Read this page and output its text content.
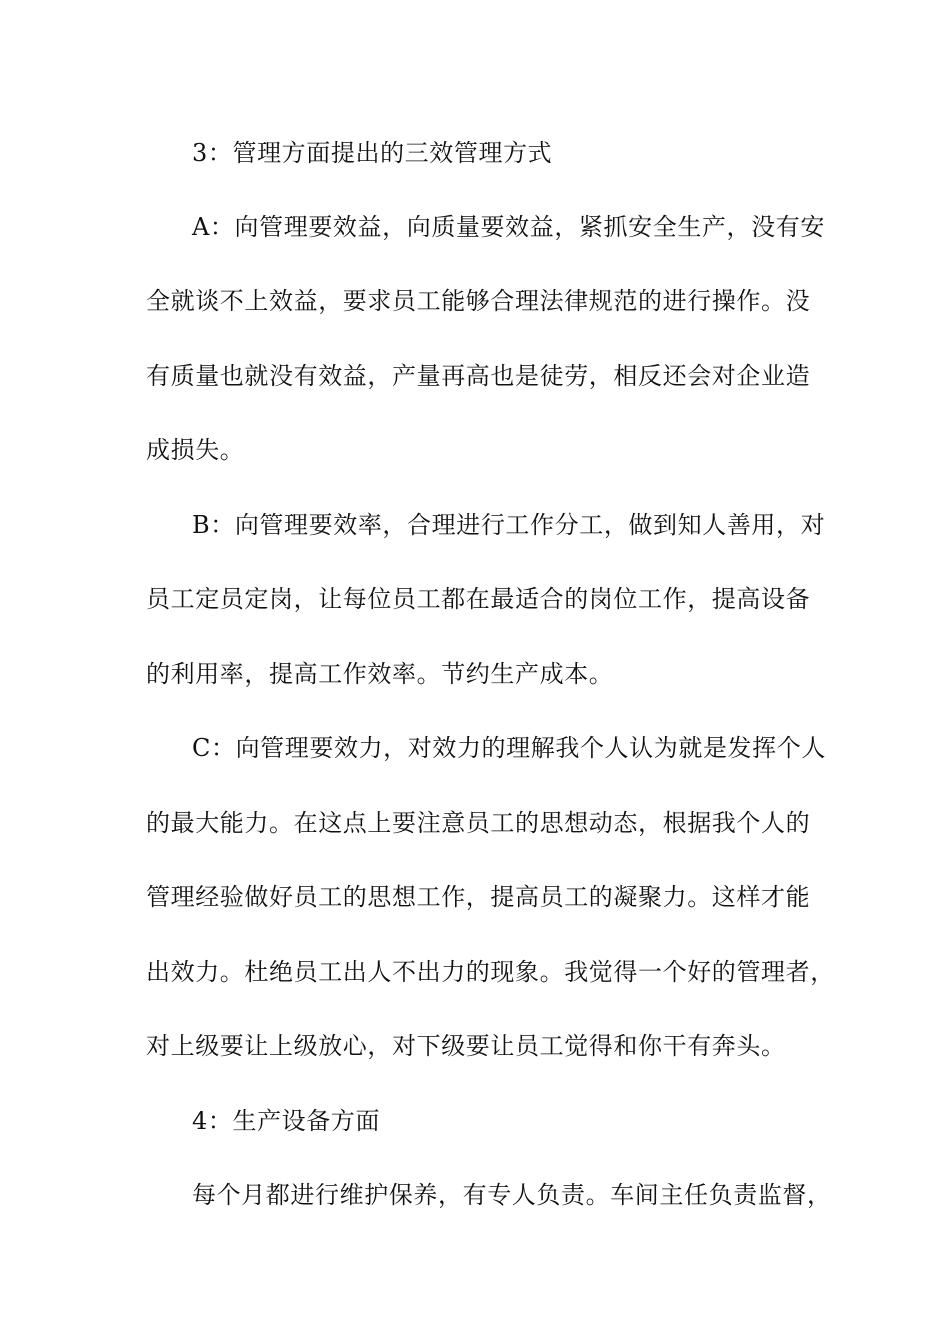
3：管理方面提出的三效管理方式
A：向管理要效益，向质量要效益，紧抓安全生产，没有安
全就谈不上效益，要求员工能够合理法律规范的进行操作。没
有质量也就没有效益，产量再高也是徒劳，相反还会对企业造
成损失。
B：向管理要效率，合理进行工作分工，做到知人善用，对
员工定员定岗，让每位员工都在最适合的岗位工作，提高设备
的利用率，提高工作效率。节约生产成本。
C：向管理要效力，对效力的理解我个人认为就是发挥个人
的最大能力。在这点上要注意员工的思想动态，根据我个人的
管理经验做好员工的思想工作，提高员工的凝聚力。这样才能
出效力。杜绝员工出人不出力的现象。我觉得一个好的管理者，
对上级要让上级放心，对下级要让员工觉得和你干有奔头。
4：生产设备方面
每个月都进行维护保养，有专人负责。车间主任负责监督，
